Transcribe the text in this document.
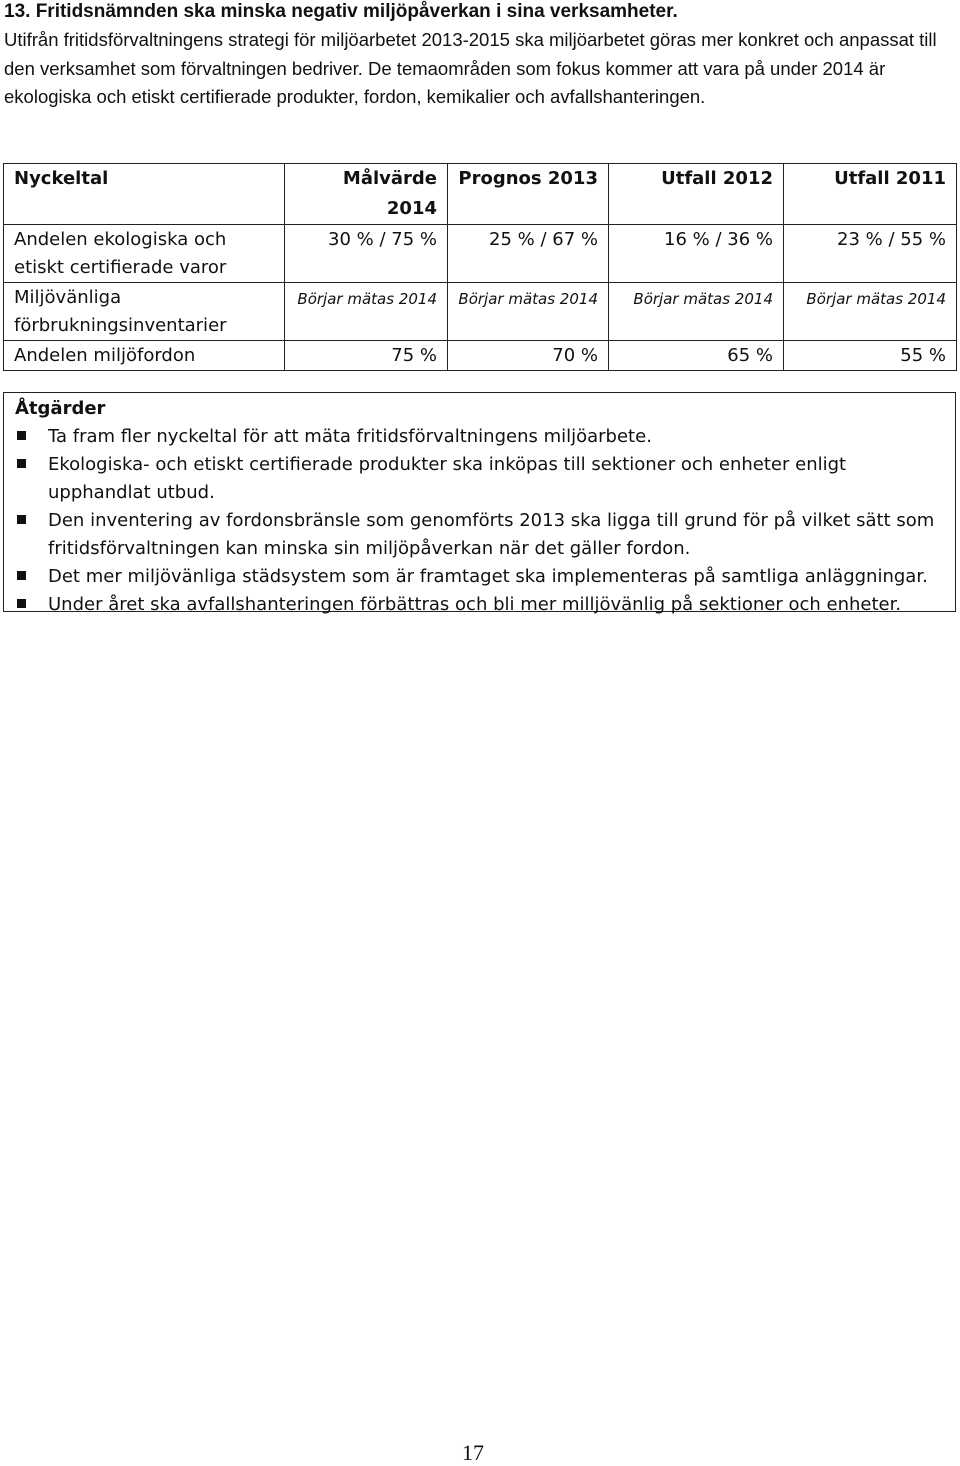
13. Fritidsnämnden ska minska negativ miljöpåverkan i sina verksamheter.

Utifrån fritidsförvaltningens strategi för miljöarbetet 2013-2015 ska miljöarbetet göras mer konkret och anpassat till den verksamhet som förvaltningen bedriver. De temaområden som fokus kommer att vara på under 2014 är ekologiska och etiskt certifierade produkter, fordon, kemikalier och avfallshanteringen.

Nyckeltal	Målvärde 2014	Prognos 2013	Utfall 2012	Utfall 2011
Andelen ekologiska och etiskt certifierade varor	30 % / 75 %	25 % / 67 %	16 % / 36 %	23 % / 55 %
Miljövänliga förbrukningsinventarier	Börjar mätas 2014	Börjar mätas 2014	Börjar mätas 2014	Börjar mätas 2014
Andelen miljöfordon	75 %	70 %	65 %	55 %
Åtgärder
Ta fram fler nyckeltal för att mäta fritidsförvaltningens miljöarbete.
Ekologiska- och etiskt certifierade produkter ska inköpas till sektioner och enheter enligt upphandlat utbud.
Den inventering av fordonsbränsle som genomförts 2013 ska ligga till grund för på vilket sätt som fritidsförvaltningen kan minska sin miljöpåverkan när det gäller fordon.
Det mer miljövänliga städsystem som är framtaget ska implementeras på samtliga anläggningar.
Under året ska avfallshanteringen förbättras och bli mer milljövänlig på sektioner och enheter.
17
